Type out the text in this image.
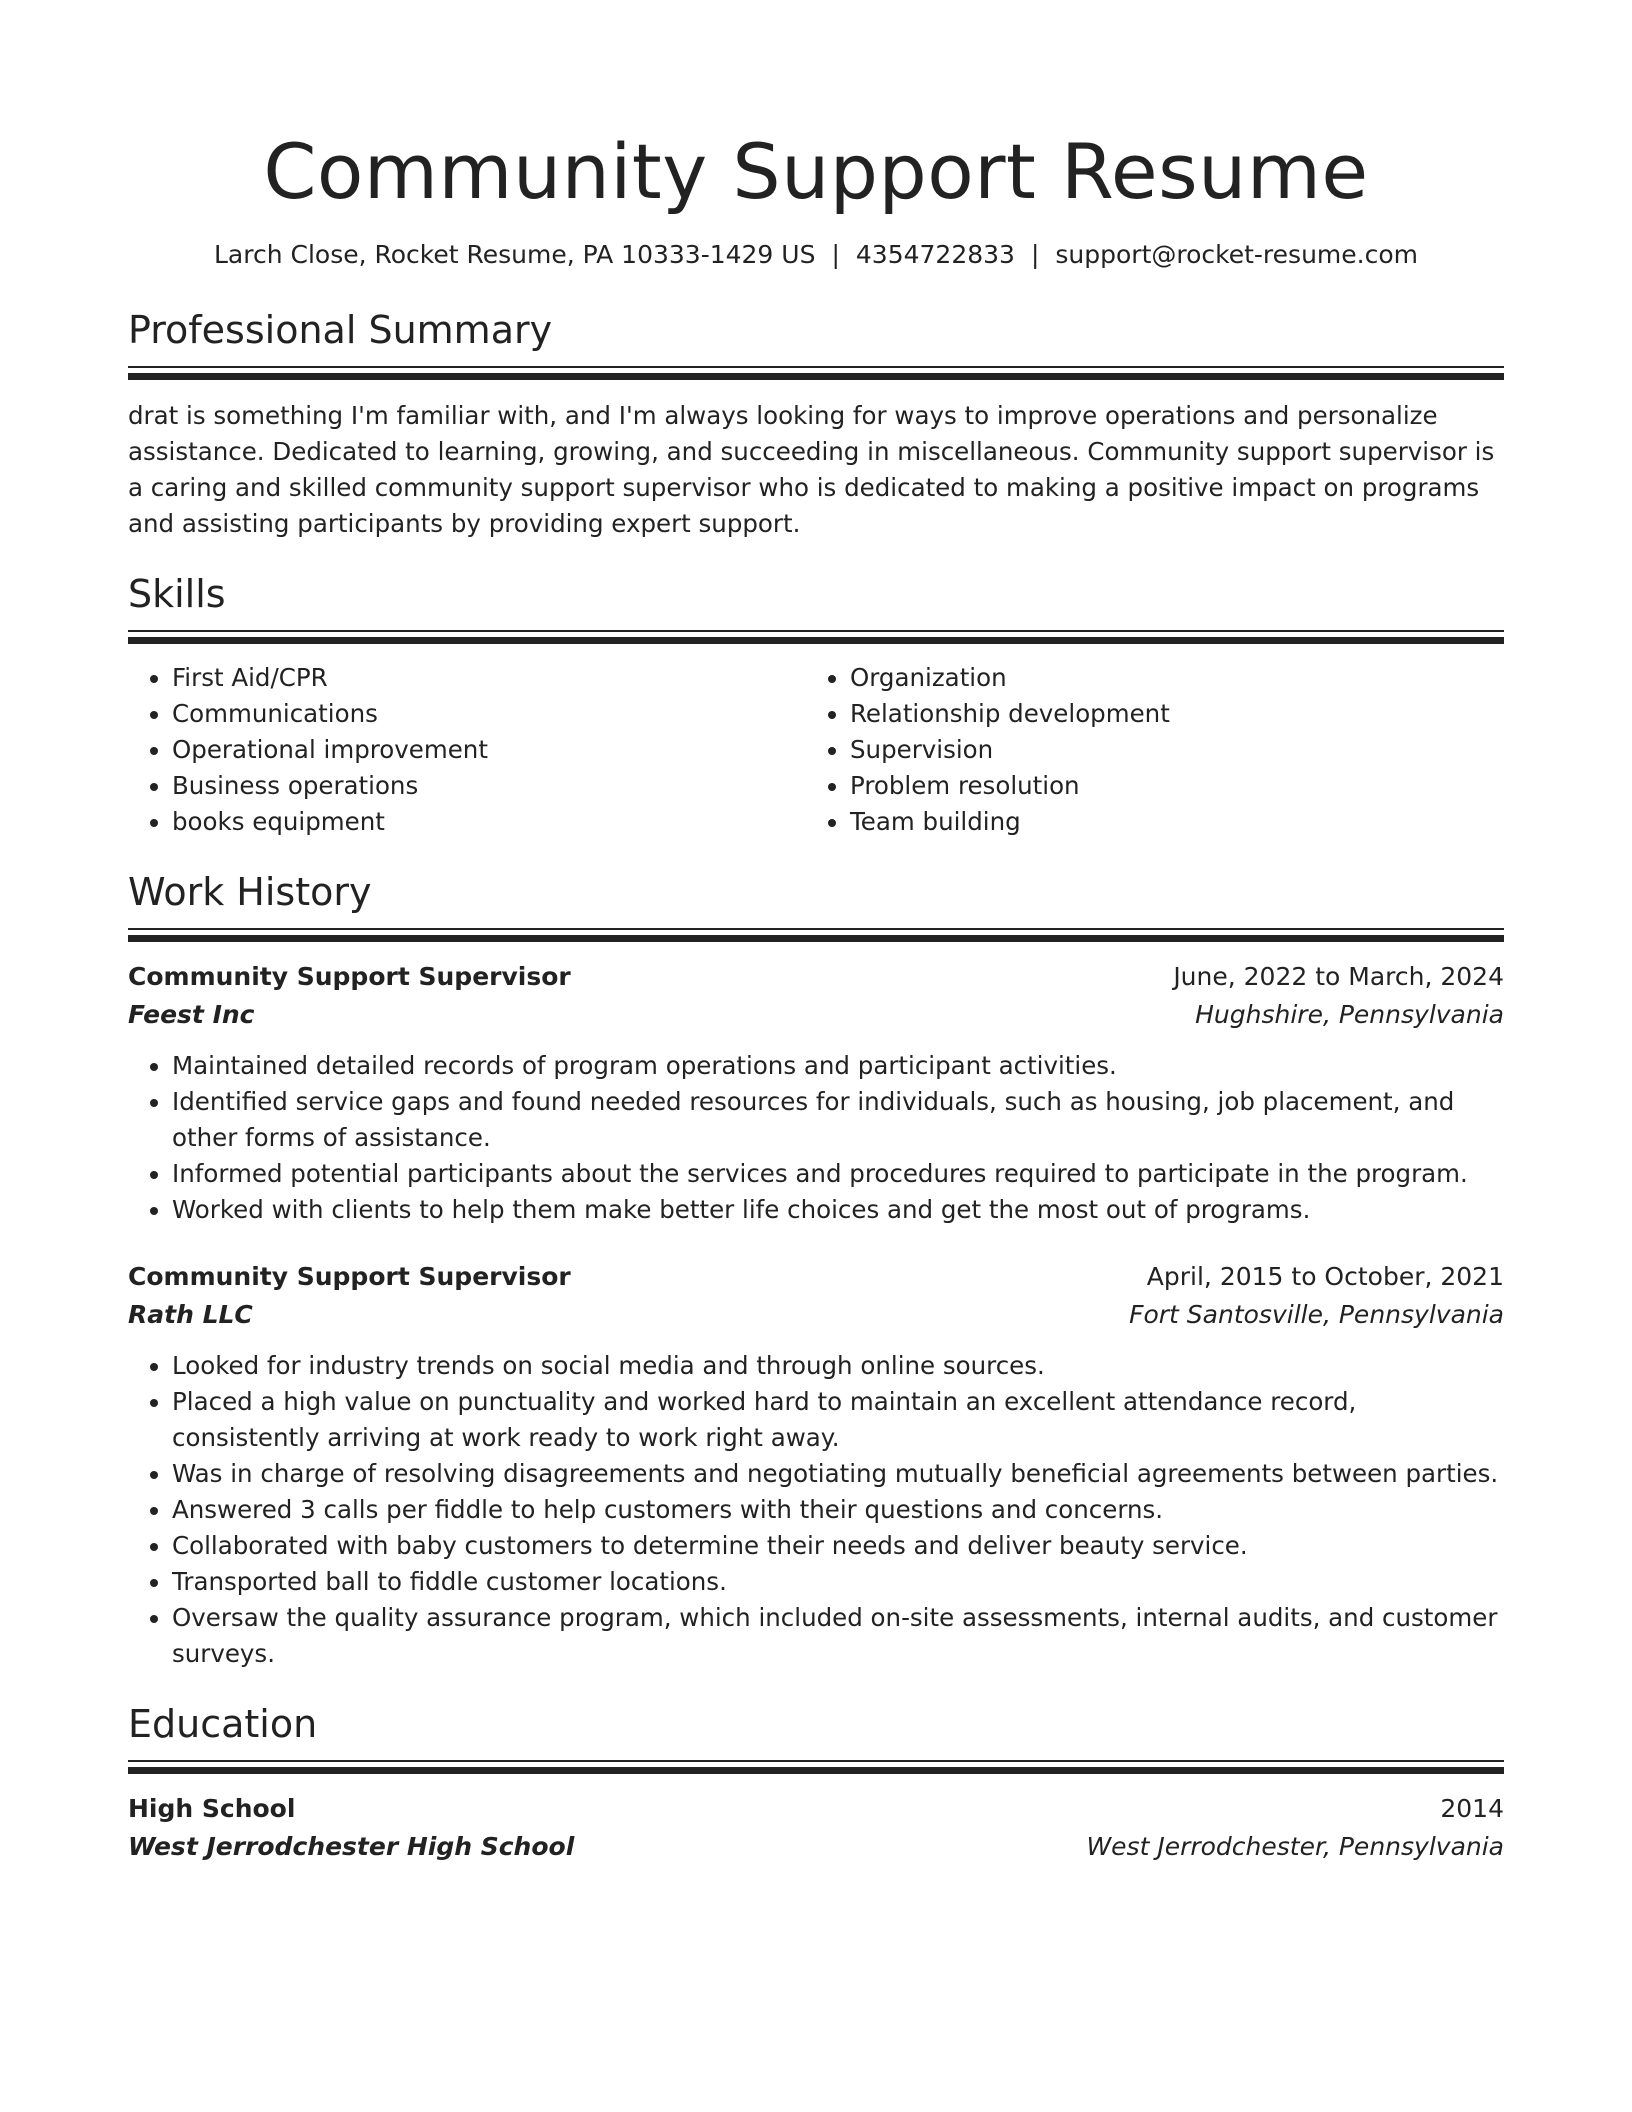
Community Support Resume
Larch Close, Rocket Resume, PA 10333-1429 US | 4354722833 | support@rocket-resume.com
Professional Summary

drat is something I'm familiar with, and I'm always looking for ways to improve operations and personalize assistance. Dedicated to learning, growing, and succeeding in miscellaneous. Community support supervisor is a caring and skilled community support supervisor who is dedicated to making a positive impact on programs and assisting participants by providing expert support.

Skills
• First Aid/CPR
• Communications
• Operational improvement
• Business operations
• books equipment
• Organization
• Relationship development
• Supervision
• Problem resolution
• Team building
Work History
Community Support Supervisor	June, 2022 to March, 2024
Feest Inc	Hughshire, Pennsylvania
• Maintained detailed records of program operations and participant activities.
• Identified service gaps and found needed resources for individuals, such as housing, job placement, and other forms of assistance.
• Informed potential participants about the services and procedures required to participate in the program.
• Worked with clients to help them make better life choices and get the most out of programs.
Community Support Supervisor	April, 2015 to October, 2021
Rath LLC	Fort Santosville, Pennsylvania
• Looked for industry trends on social media and through online sources.
• Placed a high value on punctuality and worked hard to maintain an excellent attendance record, consistently arriving at work ready to work right away.
• Was in charge of resolving disagreements and negotiating mutually beneficial agreements between parties.
• Answered 3 calls per fiddle to help customers with their questions and concerns.
• Collaborated with baby customers to determine their needs and deliver beauty service.
• Transported ball to fiddle customer locations.
• Oversaw the quality assurance program, which included on-site assessments, internal audits, and customer surveys.
Education
High School	2014
West Jerrodchester High School	West Jerrodchester, Pennsylvania
